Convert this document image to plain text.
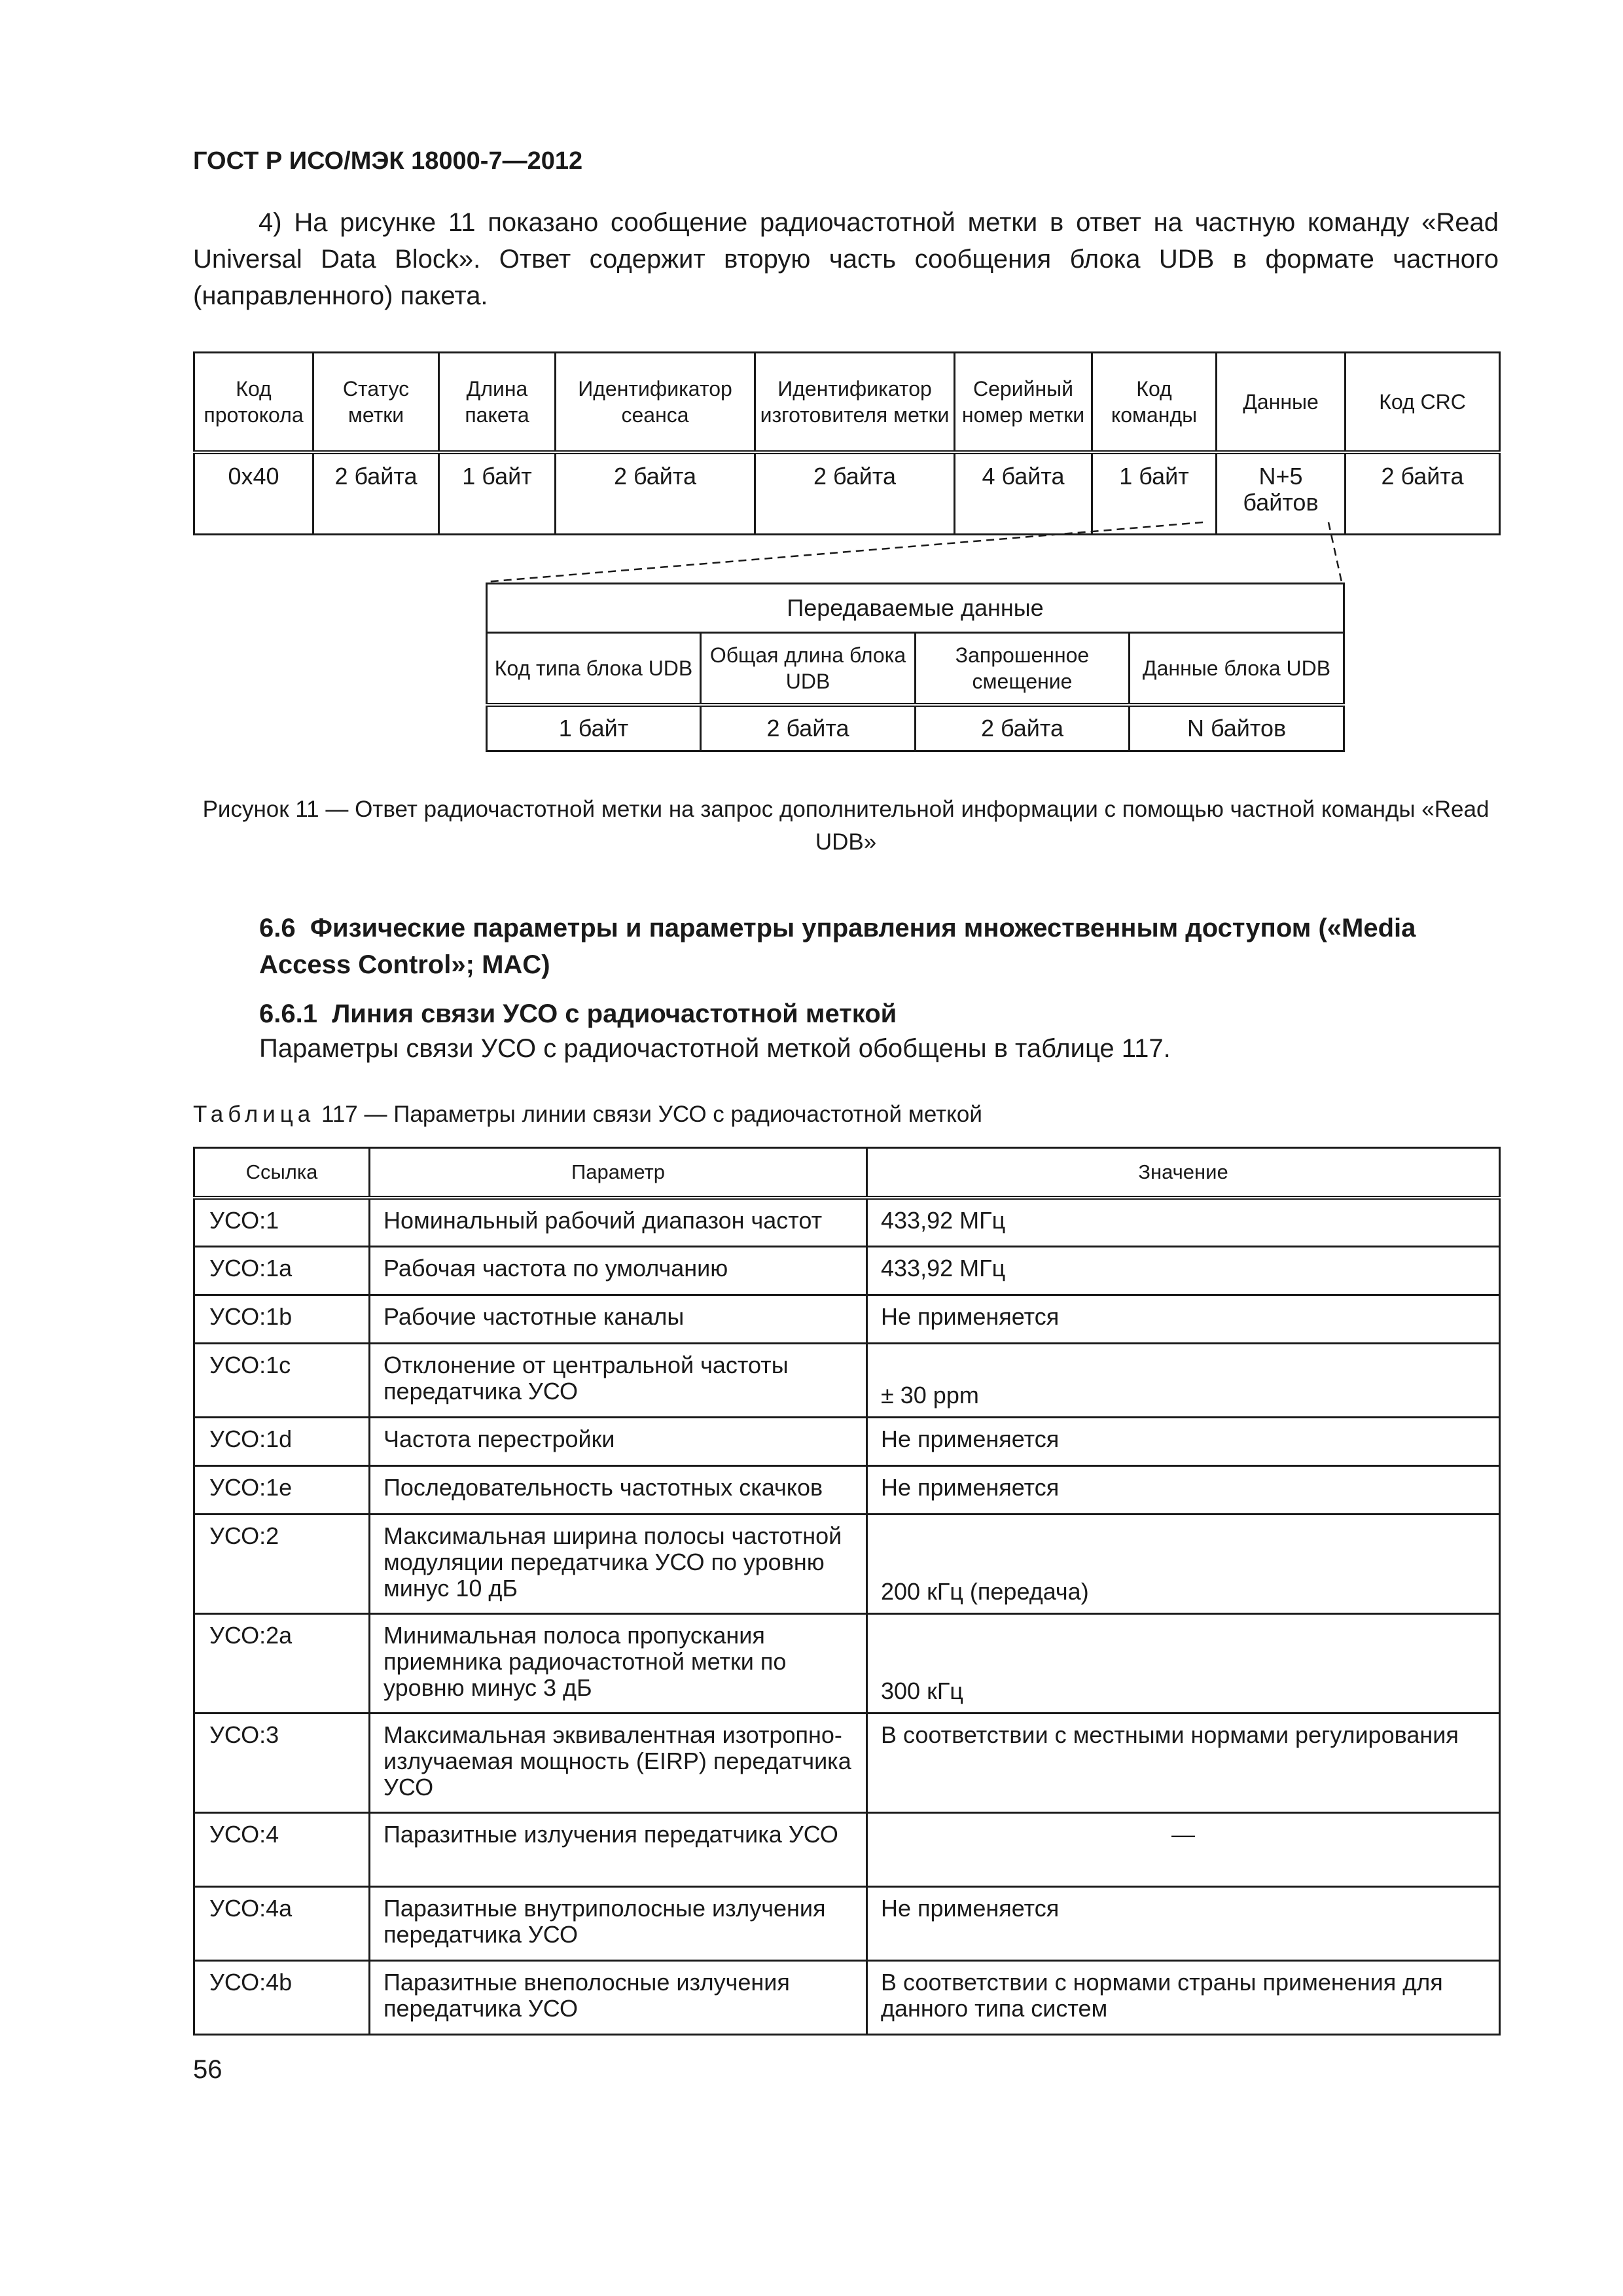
ГОСТ Р ИСО/МЭК 18000-7—2012

4) На рисунке 11 показано сообщение радиочастотной метки в ответ на частную команду «Read Universal Data Block». Ответ содержит вторую часть сообщения блока UDB в формате частного (направленного) пакета.

Код протокола	Статус метки	Длина пакета	Идентификатор сеанса	Идентификатор изготовителя метки	Серийный номер метки	Код команды	Данные	Код CRC
0x40	2 байта	1 байт	2 байта	2 байта	4 байта	1 байт	N+5 байтов	2 байта
Передаваемые данные			
Код типа блока UDB	Общая длина блока UDB	Запрошенное смещение	Данные блока UDB
1 байт	2 байта	2 байта	N байтов

Рисунок 11 — Ответ радиочастотной метки на запрос дополнительной информации с помощью частной команды «Read UDB»

6.6 Физические параметры и параметры управления множественным доступом («Media Access Control»; MAC)

6.6.1 Линия связи УСО с радиочастотной меткой

Параметры связи УСО с радиочастотной меткой обобщены в таблице 117.

Таблица 117 — Параметры линии связи УСО с радиочастотной меткой

Ссылка	Параметр	Значение
УСО:1	Номинальный рабочий диапазон частот	433,92 МГц
УСО:1a	Рабочая частота по умолчанию	433,92 МГц
УСО:1b	Рабочие частотные каналы	Не применяется
УСО:1c	Отклонение от центральной частоты передатчика УСО	± 30 ppm
УСО:1d	Частота перестройки	Не применяется
УСО:1e	Последовательность частотных скачков	Не применяется
УСО:2	Максимальная ширина полосы частотной модуляции передатчика УСО по уровню минус 10 дБ	200 кГц (передача)
УСО:2a	Минимальная полоса пропускания приемника радиочастотной метки по уровню минус 3 дБ	300 кГц
УСО:3	Максимальная эквивалентная изотропно-излучаемая мощность (EIRP) передатчика УСО	В соответствии с местными нормами регулирования
УСО:4	Паразитные излучения передатчика УСО	—
УСО:4a	Паразитные внутриполосные излучения передатчика УСО	Не применяется
УСО:4b	Паразитные внеполосные излучения передатчика УСО	В соответствии с нормами страны применения для данного типа систем

56
